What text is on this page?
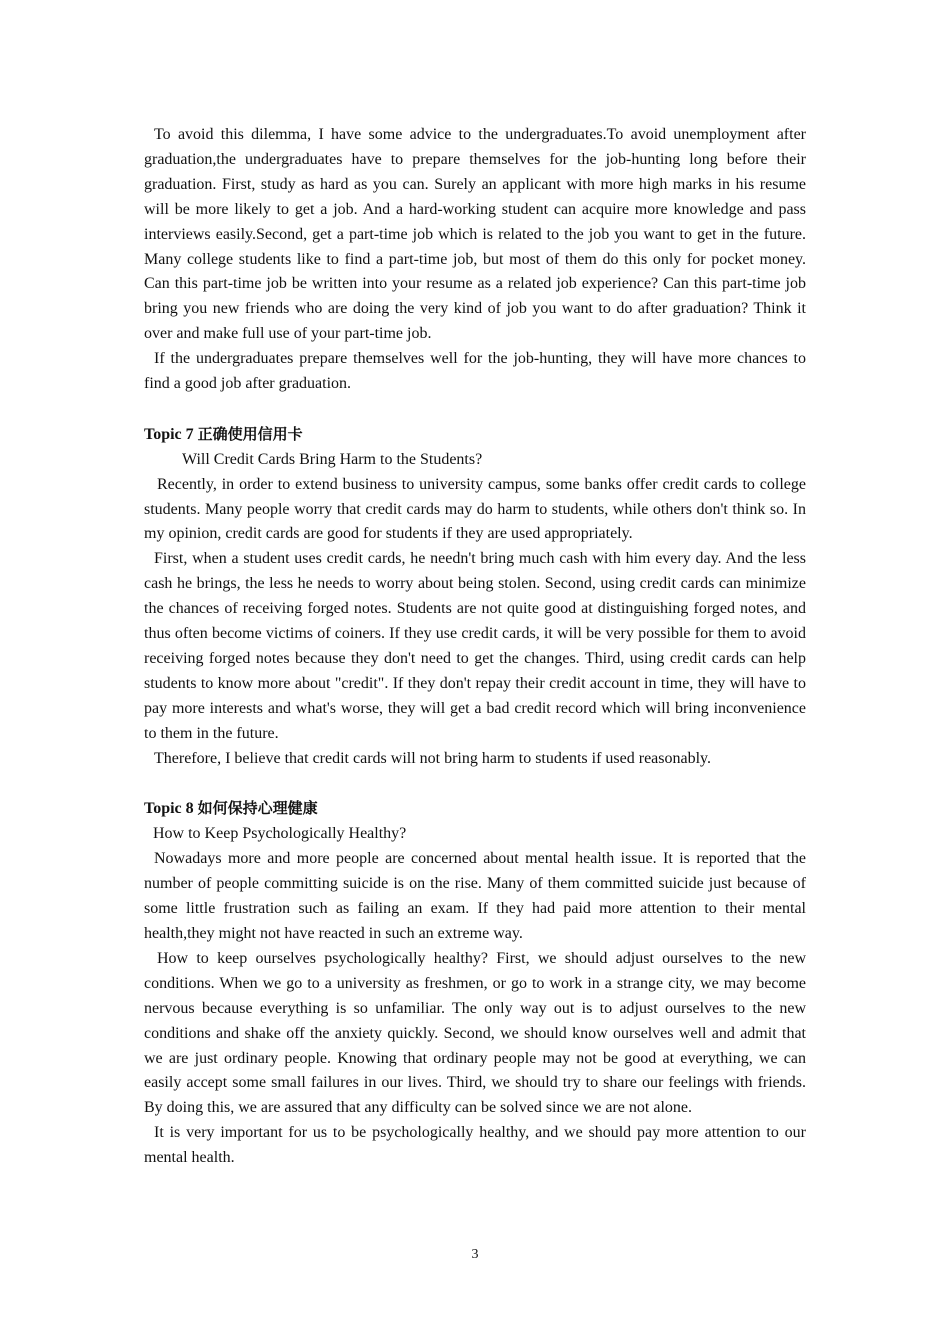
To avoid this dilemma, I have some advice to the undergraduates.To avoid unemployment after graduation,the undergraduates have to prepare themselves for the job-hunting long before their graduation. First, study as hard as you can. Surely an applicant with more high marks in his resume will be more likely to get a job. And a hard-working student can acquire more knowledge and pass interviews easily.Second, get a part-time job which is related to the job you want to get in the future. Many college students like to find a part-time job, but most of them do this only for pocket money. Can this part-time job be written into your resume as a related job experience? Can this part-time job bring you new friends who are doing the very kind of job you want to do after graduation? Think it over and make full use of your part-time job.

If the undergraduates prepare themselves well for the job-hunting, they will have more chances to find a good job after graduation.

Topic 7 正确使用信用卡

Will Credit Cards Bring Harm to the Students?

Recently, in order to extend business to university campus, some banks offer credit cards to college students. Many people worry that credit cards may do harm to students, while others don't think so. In my opinion, credit cards are good for students if they are used appropriately.

First, when a student uses credit cards, he needn't bring much cash with him every day. And the less cash he brings, the less he needs to worry about being stolen. Second, using credit cards can minimize the chances of receiving forged notes. Students are not quite good at distinguishing forged notes, and thus often become victims of coiners. If they use credit cards, it will be very possible for them to avoid receiving forged notes because they don't need to get the changes. Third, using credit cards can help students to know more about "credit". If they don't repay their credit account in time, they will have to pay more interests and what's worse, they will get a bad credit record which will bring inconvenience to them in the future.

Therefore, I believe that credit cards will not bring harm to students if used reasonably.

Topic 8 如何保持心理健康

How to Keep Psychologically Healthy?

Nowadays more and more people are concerned about mental health issue. It is reported that the number of people committing suicide is on the rise. Many of them committed suicide just because of some little frustration such as failing an exam. If they had paid more attention to their mental health,they might not have reacted in such an extreme way.

How to keep ourselves psychologically healthy? First, we should adjust ourselves to the new conditions. When we go to a university as freshmen, or go to work in a strange city, we may become nervous because everything is so unfamiliar. The only way out is to adjust ourselves to the new conditions and shake off the anxiety quickly. Second, we should know ourselves well and admit that we are just ordinary people. Knowing that ordinary people may not be good at everything, we can easily accept some small failures in our lives. Third, we should try to share our feelings with friends. By doing this, we are assured that any difficulty can be solved since we are not alone.

It is very important for us to be psychologically healthy, and we should pay more attention to our mental health.

3
